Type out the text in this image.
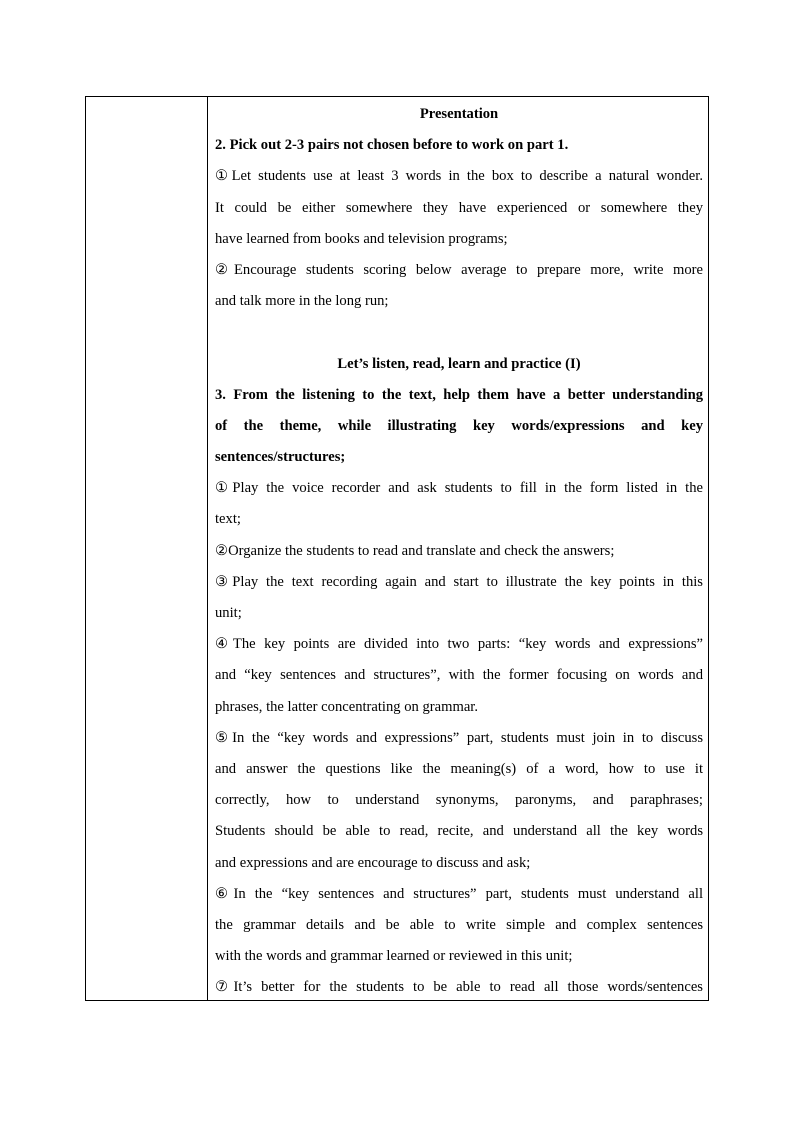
Presentation
2. Pick out 2-3 pairs not chosen before to work on part 1.
①Let students use at least 3 words in the box to describe a natural wonder.
It could be either somewhere they have experienced or somewhere they
have learned from books and television programs;
②Encourage students scoring below average to prepare more, write more
and talk more in the long run;
Let’s listen, read, learn and practice (I)
3. From the listening to the text, help them have a better understanding
of the theme, while illustrating key words/expressions and key
sentences/structures;
①Play the voice recorder and ask students to fill in the form listed in the
text;
②Organize the students to read and translate and check the answers;
③Play the text recording again and start to illustrate the key points in this
unit;
④The key points are divided into two parts: “key words and expressions”
and “key sentences and structures”, with the former focusing on words and
phrases, the latter concentrating on grammar.
⑤In the “key words and expressions” part, students must join in to discuss
and answer the questions like the meaning(s) of a word, how to use it
correctly, how to understand synonyms, paronyms, and paraphrases;
Students should be able to read, recite, and understand all the key words
and expressions and are encourage to discuss and ask;
⑥In the “key sentences and structures” part, students must understand all
the grammar details and be able to write simple and complex sentences
with the words and grammar learned or reviewed in this unit;
⑦It’s better for the students to be able to read all those words/sentences
